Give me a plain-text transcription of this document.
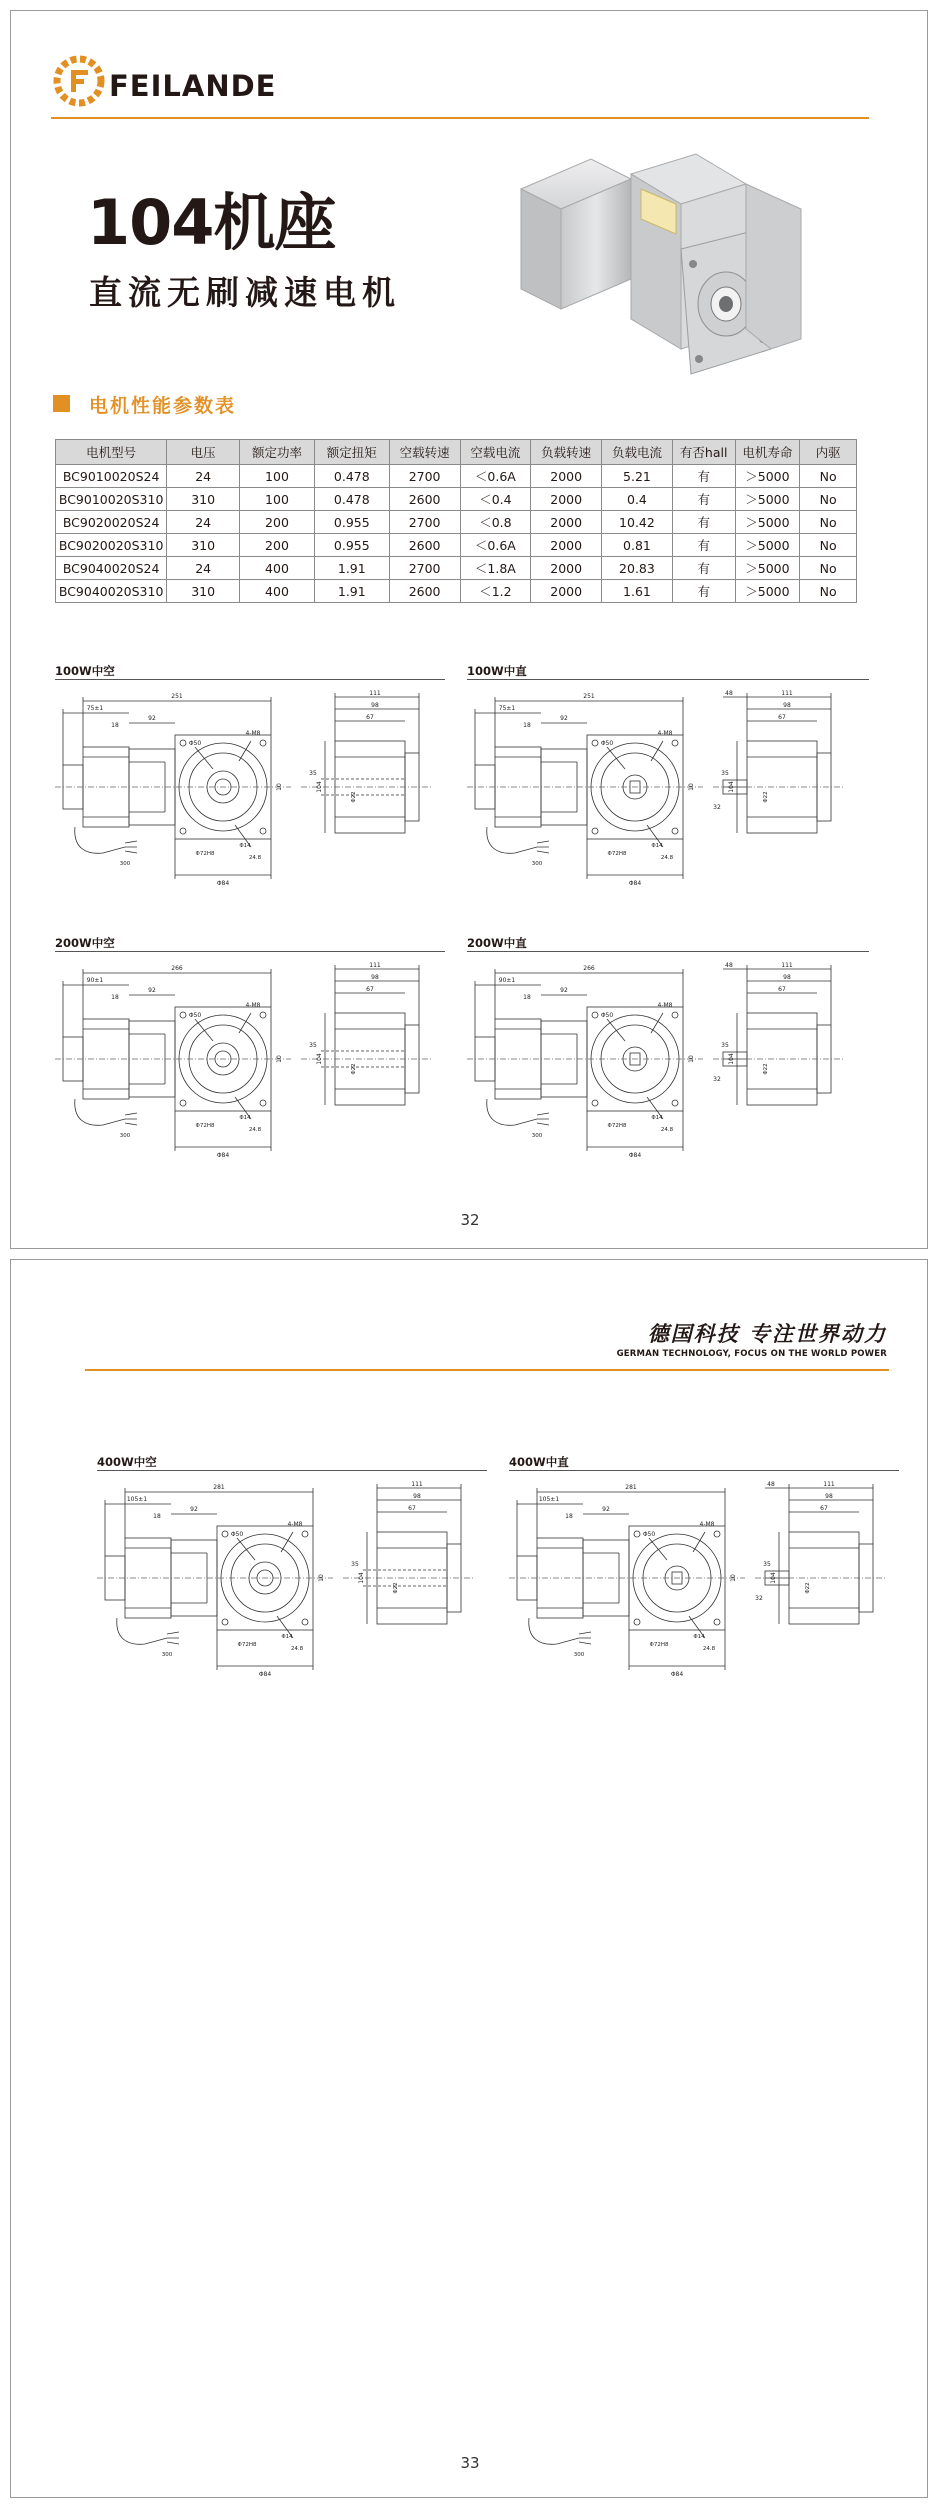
FEILANDE
104机座
直流无刷减速电机
电机性能参数表
电机型号	电压	额定功率	额定扭矩	空载转速	空载电流	负载转速	负载电流	有否hall	电机寿命	内驱
BC9010020S24	24	100	0.478	2700	＜0.6A	2000	5.21	有	＞5000	No
BC9010020S310	310	100	0.478	2600	＜0.4	2000	0.4	有	＞5000	No
BC9020020S24	24	200	0.955	2700	＜0.8	2000	10.42	有	＞5000	No
BC9020020S310	310	200	0.955	2600	＜0.6A	2000	0.81	有	＞5000	No
BC9040020S24	24	400	1.91	2700	＜1.8A	2000	20.83	有	＞5000	No
BC9040020S310	310	400	1.91	2600	＜1.2	2000	1.61	有	＞5000	No
100W中空	100W中直
200W中空	200W中直
251
75±1
92
18
Φ50
4-M8
Φ72H8
24.8
Φ84
10
Φ14
300
111
98
67
104
35
Φ22
251
75±1
92
18
Φ50
4-M8
Φ72H8
24.8
Φ84
10
Φ14
300
111
98
67
104
35
Φ22
48
32
266
90±1
92
18
Φ50
4-M8
Φ72H8
24.8
Φ84
10
Φ14
300
111
98
67
104
35
Φ22
266
90±1
92
18
Φ50
4-M8
Φ72H8
24.8
Φ84
10
Φ14
300
111
98
67
104
35
Φ22
48
32
32
德国科技 专注世界动力
GERMAN TECHNOLOGY, FOCUS ON THE WORLD POWER
400W中空	400W中直
281
105±1
92
18
Φ50
4-M8
Φ72H8
24.8
Φ84
10
Φ14
300
111
98
67
104
35
Φ22
281
105±1
92
18
Φ50
4-M8
Φ72H8
24.8
Φ84
10
Φ14
300
111
98
67
104
35
Φ22
48
32
33
